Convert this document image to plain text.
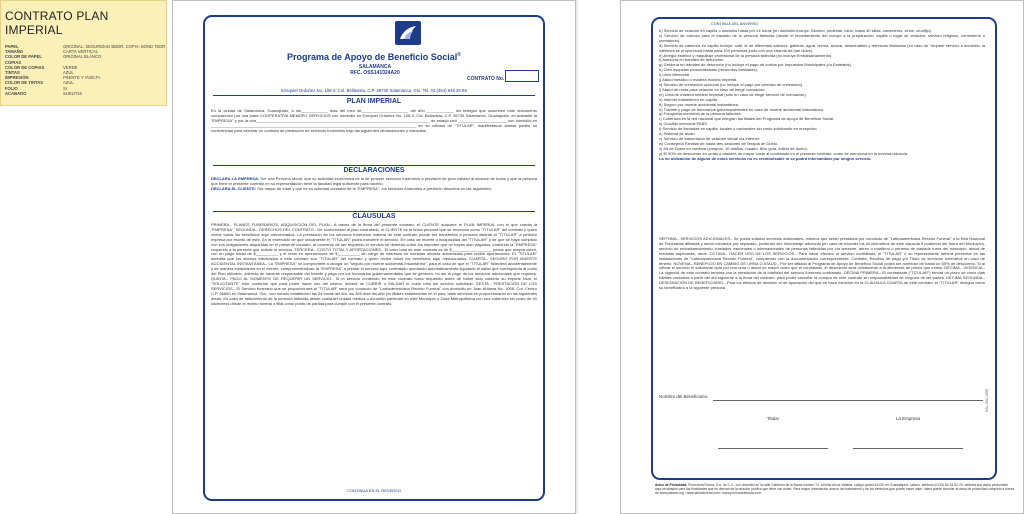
CONTRATO PLAN IMPERIAL
PAPEL	ORIGINAL: SEGURIDAD BBOR. COPIA: BOND 75GR
TAMAÑO	CARTA VERTICAL
COLOR DE PAPEL	ORIGINAL BLANCO
COPIAS
COLOR DE COPIAS	VERDE
TINTAS	AZUL
IMPRESIÓN	FRENTE Y VUELTA
COLOR DE TINTAS	AZUL
FOLIO	SI
ACABADO	SUELTOS
Programa de Apoyo de Beneficio Social®
SALAMANCA
RFC. OSS141024A20
CONTRATO No.
Ezequiel Ordoñez No. 108-3, Col. Bellavista, C.P. 36730 Salamanca, Gto. Tel. 01 (464) 648 20 86
PLAN IMPERIAL
En la ciudad de Salamanca, Guanajuato, a los____________ días del mes de_____________________ del año ____________ los testigos que suscriben este documento comparecen por una parte COOPERATIVA MEMORY SERVICIOS con domicilio en Ezequiel Ordoñez No. 108-3, Col. Bellavista, C.P. 36730 Salamanca, Guanajuato, en adelante la "EMPRESA" y por la otra______________________________________________________________________________ de estado civil ______________________ con domicilio en ____________________________________________________________________________________________ en su calidad de "TITULAR", manifestando ambas partes su conformidad para celebrar un contrato de prestación de servicios funerarios bajo las siguientes declaraciones y cláusulas.
DECLARACIONES
DECLARA LA EMPRESA: Ser una Persona Moral, que su actividad económica es la de proveer servicios funerarios a previsión de gran calidad al alcance de todos y que la persona que firme el presente contrato en su representación tiene la facultad legal suficiente para hacerlo.
DECLARA EL CLIENTE: Ser mayor de edad y que es su voluntad contratar de la "EMPRESA", los servicios funerarios a previsión descritos en las siguientes:
CLÁUSULAS
PRIMERA.- PLANES FUNERARIOS, ADQUISICIÓN DEL PLAN.- A través de la firma del presente contrato, el CLIENTE adquiere el PLAN IMPERIAL con el que cuenta la "EMPRESA". SEGUNDA.- DERECHOS DEL CONTRATO.- De conformidad al plan contratado, el CLIENTE es la única persona que se reconoce como "TITULAR" del contrato y quien recibe todos los beneficios aquí mencionados. La prestación de los servicios funerarios materia de este contrato puede ser transferida a persona distinta al "TITULAR" a petición expresa por escrito de este. En el entendido de que únicamente el "TITULAR" podrá transferir el servicio. En caso de muerte o incapacidad del "TITULAR" y de que se haya cumplido con sus obligaciones adquiridas en el presente contrato, al momento de ser requerido el servicio se deberán cubrir los importes que no hayan sido pagados, pudiendo la "EMPRESA" requerirlo a la persona que solicite el servicio. TERCERA.- COSTO TOTAL Y APORTACIONES.- El valor total de este contrato es de $__________________ pesos que acepta cubrir, con un pago inicial de $__________ y el resto en aportaciones de $__________ sin cargo de intereses en nuestras oficinas autorizadas para recibir aportaciones. El "TITULAR" acredita que los abonos efectuados a este contrato son "TITULAR" del contrato y quien recibe todos los beneficios aquí mencionados. CUARTA.- SEGURO POR MUERTE ACCIDENTAL INSTANTÁNEA.- La "EMPRESA" se compromete a otorgar un "seguro por muerte accidental instantánea", para el caso de que el "TITULAR" falleciera accidentalmente y de manera instantánea en el evento; comprometiéndose la "EMPRESA" a prestar el servicio aquí contratado quedando automáticamente liquidado el saldo que corresponda al costo del Plan utilizado, además de hacerse responsable del trámite y pago por los honorarios gubernamentales que se generen, no así el pago de los servicios adicionales que requiera. QUINTA.- PAGO AL MOMENTO DE REQUERIR UN SERVICIO.- Si el servicio contenido en este contrato fuera requerido antes de haber sido cubierto su importe total, el "SOLICITANTE" este conforme que para poder hacer uso del mismo, deberá de CUBRIR o SALDAR el costo total del servicio solicitado. SEXTA.- PRESTACIÓN DE LOS SERVICIOS.- El Servicio funerario que se proporcionará al "TITULAR" será por conducto de "Latinoamericana Recinto Funeral" con domicilio en Juan Aldama No. 1008, Col. Centro C.P. 36800 en Salamanca, Gto., con horario establecido las 24 horas del día, los 365 días del año y/o filiales establecidas en el país, tales servicios se proporcionarán en las siguientes áreas: En caso de fallecimiento de la persona fallecida desde cualquier unidad médica o domicilio particular en este Municipio o Zona Metropolitana con una cobertura sin costo de 40 kilómetros desde el recinto funeral o filial como punto de partida para cumplir con el presente contrato.
CONTINUA EN EL REVERSO
CONTINUA DEL ANVERSO
b) Servicio de velación en capilla o domicilio hasta por 24 horas (en domicilio incluye: Biombo, pedestal, toldo, hasta 40 sillas, candeleros, cirios, crucifijo).
c) Servicio de carroza para el traslado de la persona fallecida (desde el levantamiento del cuerpo a la preparación; capilla o lugar de velación; servicio religioso, cementerio o crematorio).
d) Servicio de cafetería en capilla incluye: café, té de diferentes sabores, galletas, agua, crema, azúcar, desechables y refrescos ilimitados (en caso de "requerir servicio a domicilio, la cafetería se proporciona hasta para 100 personas junto con una charola de pan dulce).
e) Arreglo estético y maquillaje profesional de la persona fallecida (no incluye Embalsamamiento).
f) Asesoría en trámites de defunción.
g) Gestoría en trámites de defunción (no incluye el pago de costos por Impuestos Municipales y/o Estatales).
h) Cien esquelas personalizadas (recuerdos familiares).
i) Libro Memorial.
j) Ataúd metálico o madera modelo Imperial.
k) Servicio de cremación opcional (no incluye el pago por permiso de cremación).
l) Ataúd de renta para velación en caso de elegir cremación.
m) Urna de madera modelo Imperial (sólo en caso de elegir servicio de cremación).
n) Internet inalámbrico en capilla.
ñ) Seguro por muerte accidental instantánea.
o) Trámite y pago de honorarios gubernamentales en caso de muerte accidental instantánea.
q) Fotografía memorial de la persona fallecida.
r) Cobertura en la red nacional que integran las filiales del Programa de Apoyo de Beneficio Social.
s) Crucifijo memorial PABS.
t) Servicio de llamadas en capilla, locales y nacionales sin costo solicitando en recepción.
u) Sistema de audio.
v) Servicio de transmisión de velación virtual vía internet.
w) Consejería Familiar de hasta tres sesiones de Terapia de Duelo.
x) Kit de Duelo en cortesía (crespón, 10 misfios, rosario, libro guía, folleto de duelo).
y) El 50% de descuento en urnas o ataúdes de mayor costo al contratado en el presente contrato, como se menciona en la novena cláusula.
La no utilización de alguno de estos servicios no es reembolsable ni se podrá intercambiar por ningún servicio.
SÉPTIMA.- SERVICIOS ADICIONALES.- Se podrá solicitar servicios adicionales, mismos que serán prestados por conducto de "Latinoamericana Recinto Funeral" o la Red Nacional de Funerarias afiliadas y serán cobrados por separado, pudiendo ser: kilometraje adicional (en caso de exceder los 40 kilómetros de este cláusula 6 pudiendo ser fuera del Municipio), servicio de embalsamamiento, traslados nacionales o internacionales de personas fallecidas por vía terrestre, aéreo o marítimo o permiso de traslado fuera del municipio, ataúd de medidas especiales, otros. OCTAVA.- HACER USO DE LOS SERVICIOS.- Para hacer efectivo el servicio contratado, el "TITULAR" o su representante deberá presentar en las instalaciones de "Latinoamericana Recinto Funeral", cumpliendo con la documentación correspondiente: Contrato, Recibos de pago y/o Título de servicios funerarios en caso de tenerlo. NOVENA.- BENEFICIO EN CAMBIO DE URNA O ATAÚD.- Por ser afiliado al Programa de Apoyo de Beneficio Social podrá ser acreedor de hasta un 50% de descuento. Si al utilizar el servicio el solicitante opta por una urna o ataúd de mayor costo que el contratado, el descuento será únicamente a la diferencia de precio que exista. DÉCIMA.- VIGENCIA.- La vigencia de este contrato termina con la prestación de la totalidad del servicio funerario contratado. DÉCIMA PRIMERA.- El contratante ("TITULAR") tendrá un plazo de cinco días hábiles contados a partir del día siguiente a la firma del contrato, para poder cancelar la compra de este contrato sin responsabilidad de ninguna de las partes. DÉCIMA SEGUNDA.- DESIGNACIÓN DE BENEFICIARIO.- Para los efectos de decisión al de aportación del que se hace mención en la CLÁUSULA CUARTA de este contrato, el "TITULAR" designa como su beneficiario a la siguiente persona.
Nombre del Beneficiario:
Titular	La Empresa
SAL-592-1906
Aviso de Privacidad: Promotora Futura, S.A. de C.V., con domicilio en la calle Calderón de la Barca número 74, colonia Arcos Vallarta, código postal 44130, en Guadalajara, Jalisco, teléfono (0133) 36-15-52-23, utilizará sus datos personales aquí recabados para las finalidades que se derivan de la relación jurídica que tiene con usted. Para mayor información acerca del tratamiento y de los derechos que puede hacer valer, usted puede acceder al aviso de privacidad completo a través de www.pabsmr.org / www.latinofuneral.com / www.promotorafutura.com.
